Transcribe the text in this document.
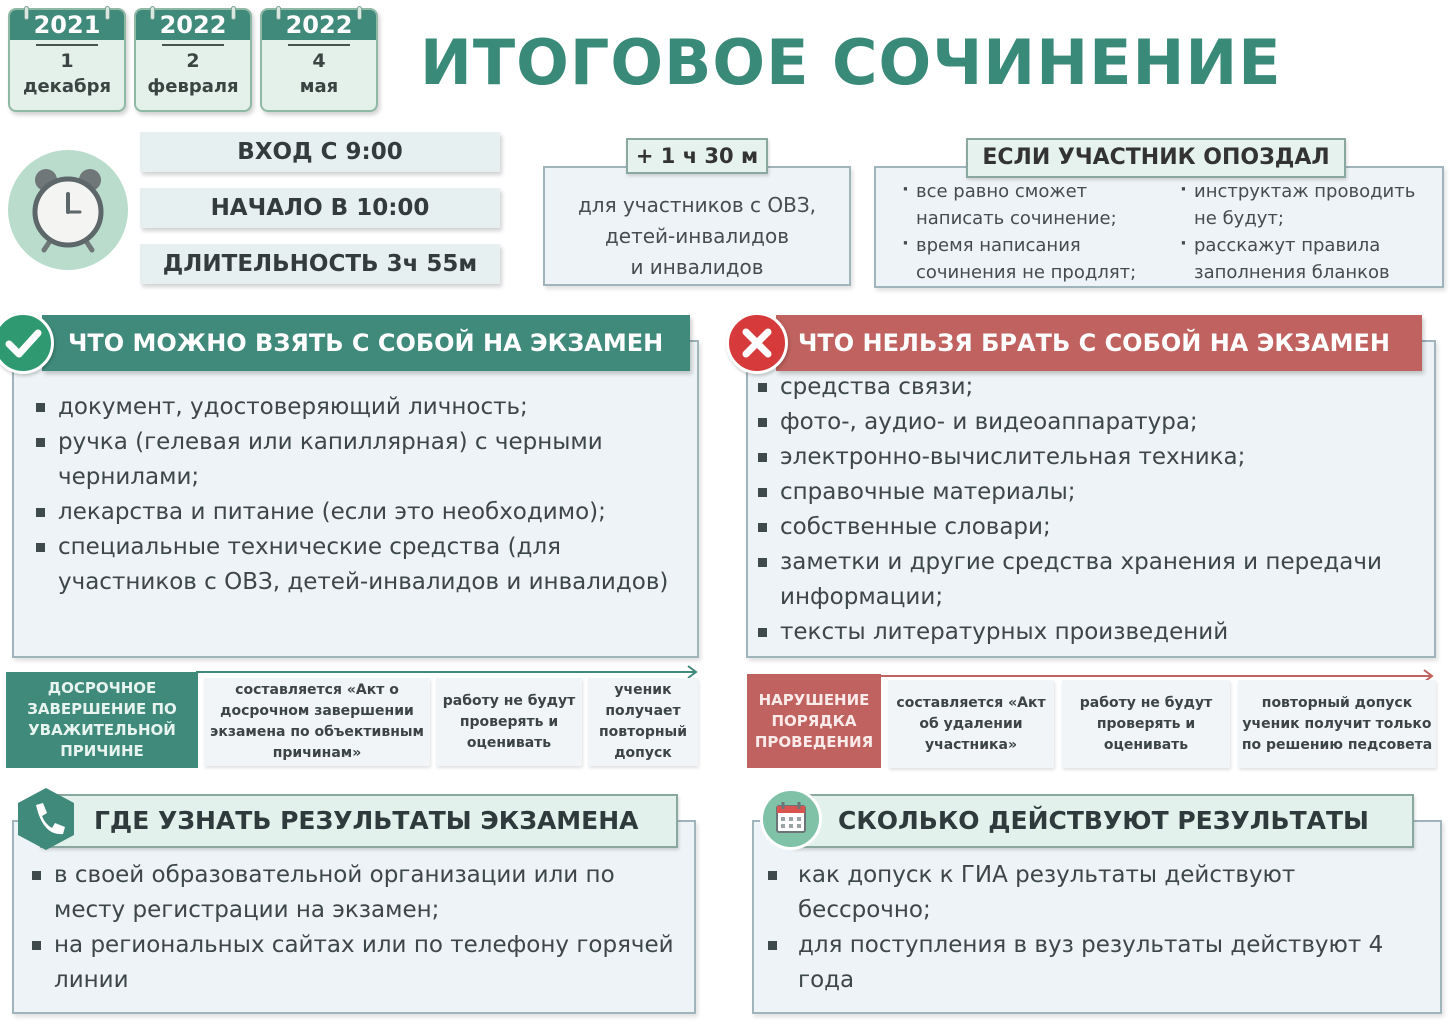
2021
1
декабря
2022
2
февраля
2022
4
мая	ИТОГОВОЕ СОЧИНЕНИЕ
ВХОД С 9:00
НАЧАЛО В 10:00
ДЛИТЕЛЬНОСТЬ 3ч 55м
для участников с ОВЗ,
детей-инвалидов
и инвалидов
+ 1 ч 30 м
· все равно сможет написать сочинение;
· время написания сочинения не продлят;
· инструктаж проводить не будут;
· расскажут правила заполнения бланков
ЕСЛИ УЧАСТНИК ОПОЗДАЛ
документ, удостоверяющий личность;
ручка (гелевая или капиллярная) с черными чернилами;
лекарства и питание (если это необходимо);
специальные технические средства (для участников с ОВЗ, детей-инвалидов и инвалидов)
ЧТО МОЖНО ВЗЯТЬ С СОБОЙ НА ЭКЗАМЕН
средства связи;
фото-, аудио- и видеоаппаратура;
электронно-вычислительная техника;
справочные материалы;
собственные словари;
заметки и другие средства хранения и передачи информации;
тексты литературных произведений
ЧТО НЕЛЬЗЯ БРАТЬ С СОБОЙ НА ЭКЗАМЕН
ДОСРОЧНОЕ ЗАВЕРШЕНИЕ ПО УВАЖИТЕЛЬНОЙ ПРИЧИНЕ
составляется «Акт о досрочном завершении экзамена по объективным причинам»
работу не будут проверять и оценивать
ученик получает повторный допуск
НАРУШЕНИЕ ПОРЯДКА ПРОВЕДЕНИЯ
составляется «Акт об удалении участника»
работу не будут проверять и оценивать
повторный допуск ученик получит только по решению педсовета
в своей образовательной организации или по месту регистрации на экзамен;
на региональных сайтах или по телефону горячей линии
ГДЕ УЗНАТЬ РЕЗУЛЬТАТЫ ЭКЗАМЕНА
как допуск к ГИА результаты действуют бессрочно;
для поступления в вуз результаты действуют 4 года
СКОЛЬКО ДЕЙСТВУЮТ РЕЗУЛЬТАТЫ
